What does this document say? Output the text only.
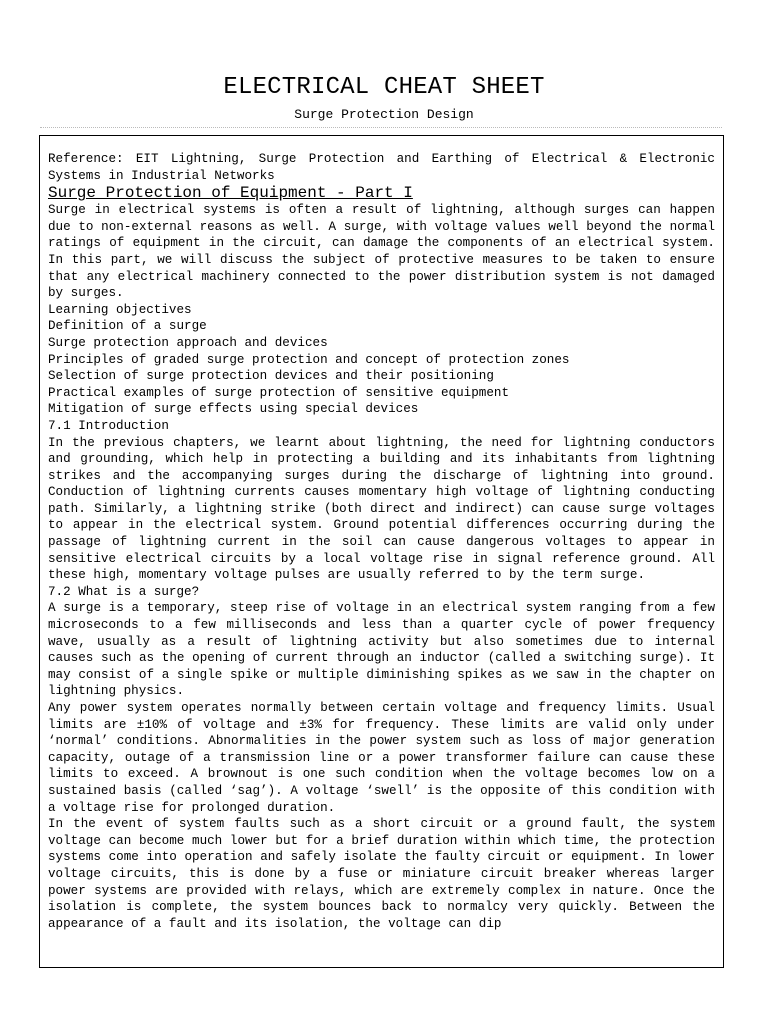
ELECTRICAL CHEAT SHEET
Surge Protection Design

Reference: EIT Lightning, Surge Protection and Earthing of Electrical & Electronic Systems in Industrial Networks

Surge Protection of Equipment - Part I

Surge in electrical systems is often a result of lightning, although surges can happen due to non-external reasons as well. A surge, with voltage values well beyond the normal ratings of equipment in the circuit, can damage the components of an electrical system. In this part, we will discuss the subject of protective measures to be taken to ensure that any electrical machinery connected to the power distribution system is not damaged by surges.

Learning objectives

Definition of a surge

Surge protection approach and devices

Principles of graded surge protection and concept of protection zones

Selection of surge protection devices and their positioning

Practical examples of surge protection of sensitive equipment

Mitigation of surge effects using special devices

7.1 Introduction

In the previous chapters, we learnt about lightning, the need for lightning conductors and grounding, which help in protecting a building and its inhabitants from lightning strikes and the accompanying surges during the discharge of lightning into ground. Conduction of lightning currents causes momentary high voltage of lightning conducting path. Similarly, a lightning strike (both direct and indirect) can cause surge voltages to appear in the electrical system. Ground potential differences occurring during the passage of lightning current in the soil can cause dangerous voltages to appear in sensitive electrical circuits by a local voltage rise in signal reference ground. All these high, momentary voltage pulses are usually referred to by the term surge.

7.2 What is a surge?

A surge is a temporary, steep rise of voltage in an electrical system ranging from a few microseconds to a few milliseconds and less than a quarter cycle of power frequency wave, usually as a result of lightning activity but also sometimes due to internal causes such as the opening of current through an inductor (called a switching surge). It may consist of a single spike or multiple diminishing spikes as we saw in the chapter on lightning physics.

Any power system operates normally between certain voltage and frequency limits. Usual limits are ±10% of voltage and ±3% for frequency. These limits are valid only under ‘normal’ conditions. Abnormalities in the power system such as loss of major generation capacity, outage of a transmission line or a power transformer failure can cause these limits to exceed. A brownout is one such condition when the voltage becomes low on a sustained basis (called ‘sag’). A voltage ‘swell’ is the opposite of this condition with a voltage rise for prolonged duration.

In the event of system faults such as a short circuit or a ground fault, the system voltage can become much lower but for a brief duration within which time, the protection systems come into operation and safely isolate the faulty circuit or equipment. In lower voltage circuits, this is done by a fuse or miniature circuit breaker whereas larger power systems are provided with relays, which are extremely complex in nature. Once the isolation is complete, the system bounces back to normalcy very quickly. Between the appearance of a fault and its isolation, the voltage can dip
